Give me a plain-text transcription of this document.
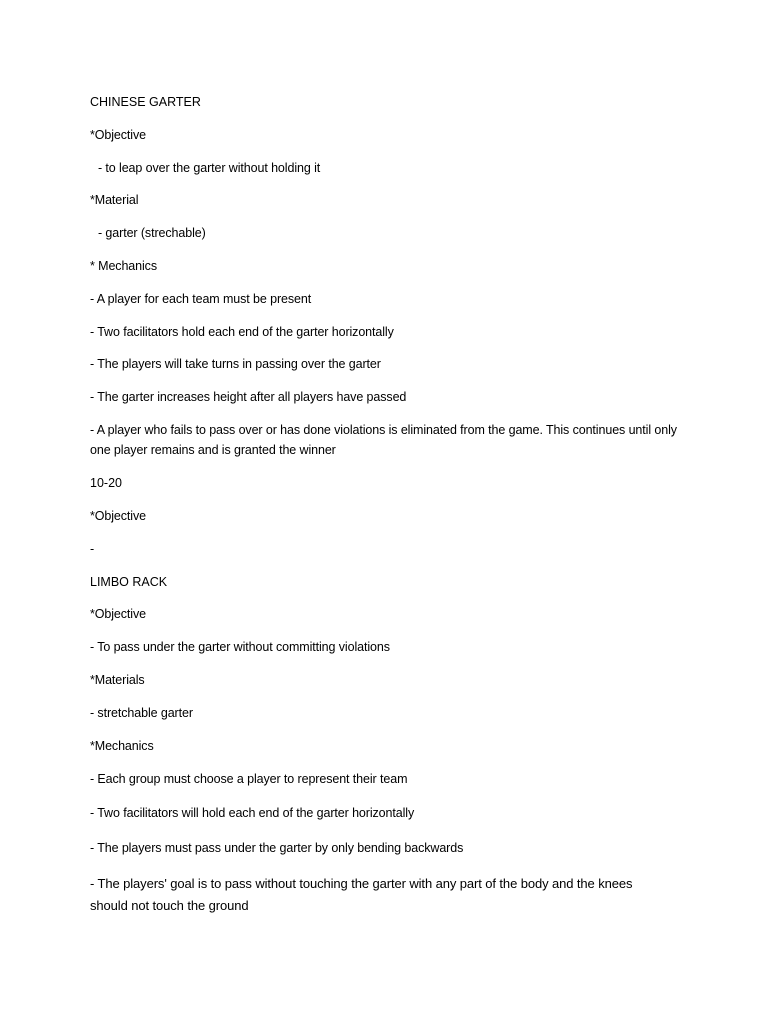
CHINESE GARTER
*Objective
- to leap over the garter without holding it
*Material
- garter (strechable)
* Mechanics
- A player for each team must be present
- Two facilitators hold each end of the garter horizontally
- The players will take turns in passing over the garter
- The garter increases height after all players have passed
- A player who fails to pass over or has done violations is eliminated from the game. This continues until only one player remains and is granted the winner
10-20
*Objective
-
LIMBO RACK
*Objective
- To pass under the garter without committing violations
*Materials
- stretchable garter
*Mechanics
- Each group must choose a player to represent their team
- Two facilitators will hold each end of the garter horizontally
- The players must pass under the garter by only bending backwards
- The players' goal is to pass without touching the garter with any part of the body and the knees should not touch the ground
